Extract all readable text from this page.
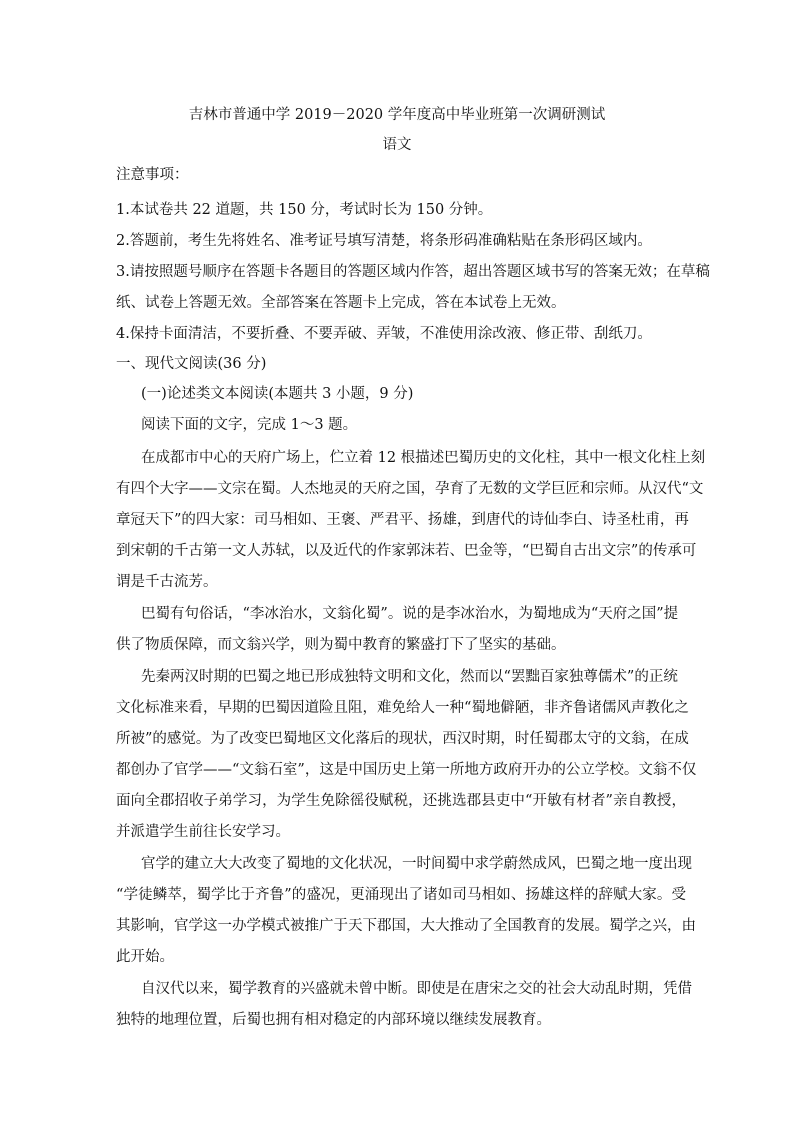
吉林市普通中学 2019－2020 学年度高中毕业班第一次调研测试
语文
注意事项：
1.本试卷共 22 道题，共 150 分，考试时长为 150 分钟。
2.答题前，考生先将姓名、准考证号填写清楚，将条形码准确粘贴在条形码区域内。
3.请按照题号顺序在答题卡各题目的答题区域内作答，超出答题区域书写的答案无效；在草稿
纸、试卷上答题无效。全部答案在答题卡上完成，答在本试卷上无效。
4.保持卡面清洁，不要折叠、不要弄破、弄皱，不准使用涂改液、修正带、刮纸刀。
一、现代文阅读(36 分)
(一)论述类文本阅读(本题共 3 小题，9 分)
阅读下面的文字，完成 1～3 题。
在成都市中心的天府广场上，伫立着 12 根描述巴蜀历史的文化柱，其中一根文化柱上刻
有四个大字——文宗在蜀。人杰地灵的天府之国，孕育了无数的文学巨匠和宗师。从汉代“文
章冠天下”的四大家：司马相如、王褒、严君平、扬雄，到唐代的诗仙李白、诗圣杜甫，再
到宋朝的千古第一文人苏轼，以及近代的作家郭沫若、巴金等，“巴蜀自古出文宗”的传承可
谓是千古流芳。
巴蜀有句俗话，“李冰治水，文翁化蜀”。说的是李冰治水，为蜀地成为“天府之国”提
供了物质保障，而文翁兴学，则为蜀中教育的繁盛打下了坚实的基础。
先秦两汉时期的巴蜀之地已形成独特文明和文化，然而以“罢黜百家独尊儒术”的正统
文化标准来看，早期的巴蜀因道险且阻，难免给人一种“蜀地僻陋，非齐鲁诸儒风声教化之
所被”的感觉。为了改变巴蜀地区文化落后的现状，西汉时期，时任蜀郡太守的文翁，在成
都创办了官学——“文翁石室”，这是中国历史上第一所地方政府开办的公立学校。文翁不仅
面向全郡招收子弟学习，为学生免除徭役赋税，还挑选郡县吏中“开敏有材者”亲自教授，
并派遣学生前往长安学习。
官学的建立大大改变了蜀地的文化状况，一时间蜀中求学蔚然成风，巴蜀之地一度出现
“学徒鳞萃，蜀学比于齐鲁”的盛况，更涌现出了诸如司马相如、扬雄这样的辞赋大家。受
其影响，官学这一办学模式被推广于天下郡国，大大推动了全国教育的发展。蜀学之兴，由
此开始。
自汉代以来，蜀学教育的兴盛就未曾中断。即使是在唐宋之交的社会大动乱时期，凭借
独特的地理位置，后蜀也拥有相对稳定的内部环境以继续发展教育。
